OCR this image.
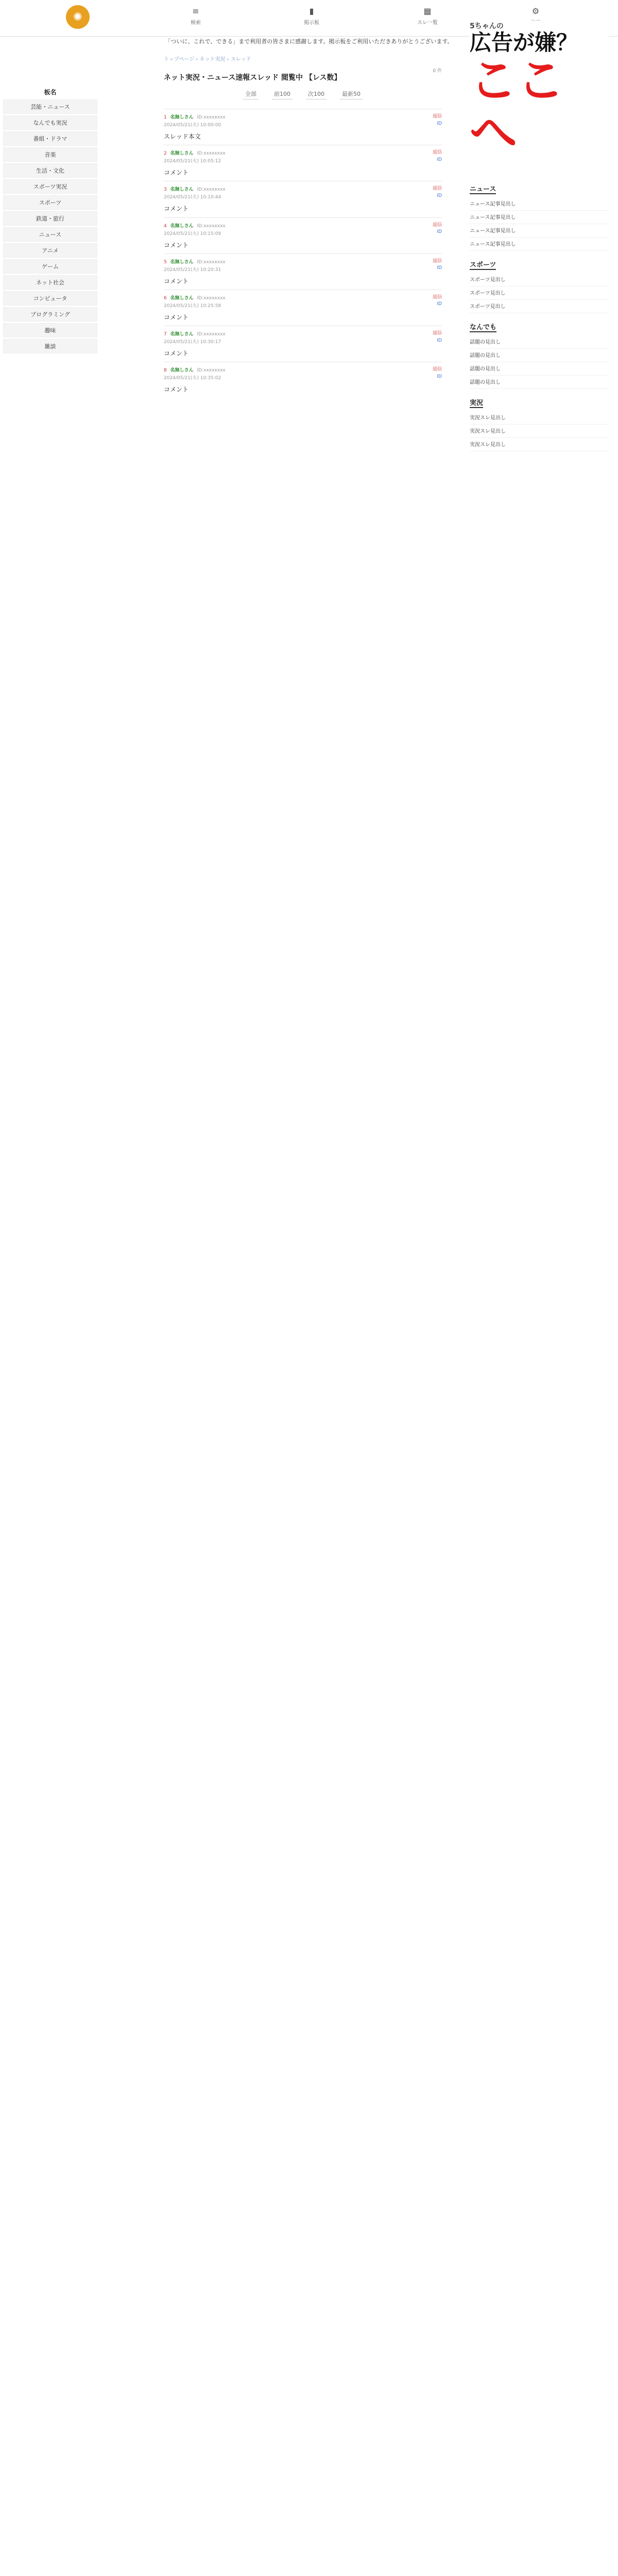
✺	≡
検索
▮
掲示板
▦
スレ一覧
⚙
「ついに、これで、できる」まで利用者の皆さまに感謝します。掲示板をご利用いただきありがとうございます。
板名
芸能・ニュース
なんでも実況
番組・ドラマ
音楽
生活・文化
スポーツ実況
スポーツ
鉄道・旅行
ニュース
アニメ
ゲーム
ネット社会
コンピュータ
プログラミング
趣味
雑談
トップページ › ネット実況 › スレッド
0 件
ネット実況・ニュース速報スレッド 閲覧中 【レス数】
全部	前100	次100	最新50
1 名無しさん ID:xxxxxxxx
2024/05/21(火) 10:00:00
返信
ID
スレッド本文
2 名無しさん ID:xxxxxxxx
2024/05/21(火) 10:05:12
返信
ID
コメント
3 名無しさん ID:xxxxxxxx
2024/05/21(火) 10:10:44
返信
ID
コメント
4 名無しさん ID:xxxxxxxx
2024/05/21(火) 10:15:09
返信
ID
コメント
5 名無しさん ID:xxxxxxxx
2024/05/21(火) 10:20:31
返信
ID
コメント
6 名無しさん ID:xxxxxxxx
2024/05/21(火) 10:25:58
返信
ID
コメント
7 名無しさん ID:xxxxxxxx
2024/05/21(火) 10:30:17
返信
ID
コメント
8 名無しさん ID:xxxxxxxx
2024/05/21(火) 10:35:02
返信
ID
コメント
5ちゃんの
広告が嫌？
ここへ
ニュース
ニュース記事見出し
ニュース記事見出し
ニュース記事見出し
ニュース記事見出し
スポーツ
スポーツ見出し
スポーツ見出し
スポーツ見出し
なんでも
話題の見出し
話題の見出し
話題の見出し
話題の見出し
実況
実況スレ見出し
実況スレ見出し
実況スレ見出し
